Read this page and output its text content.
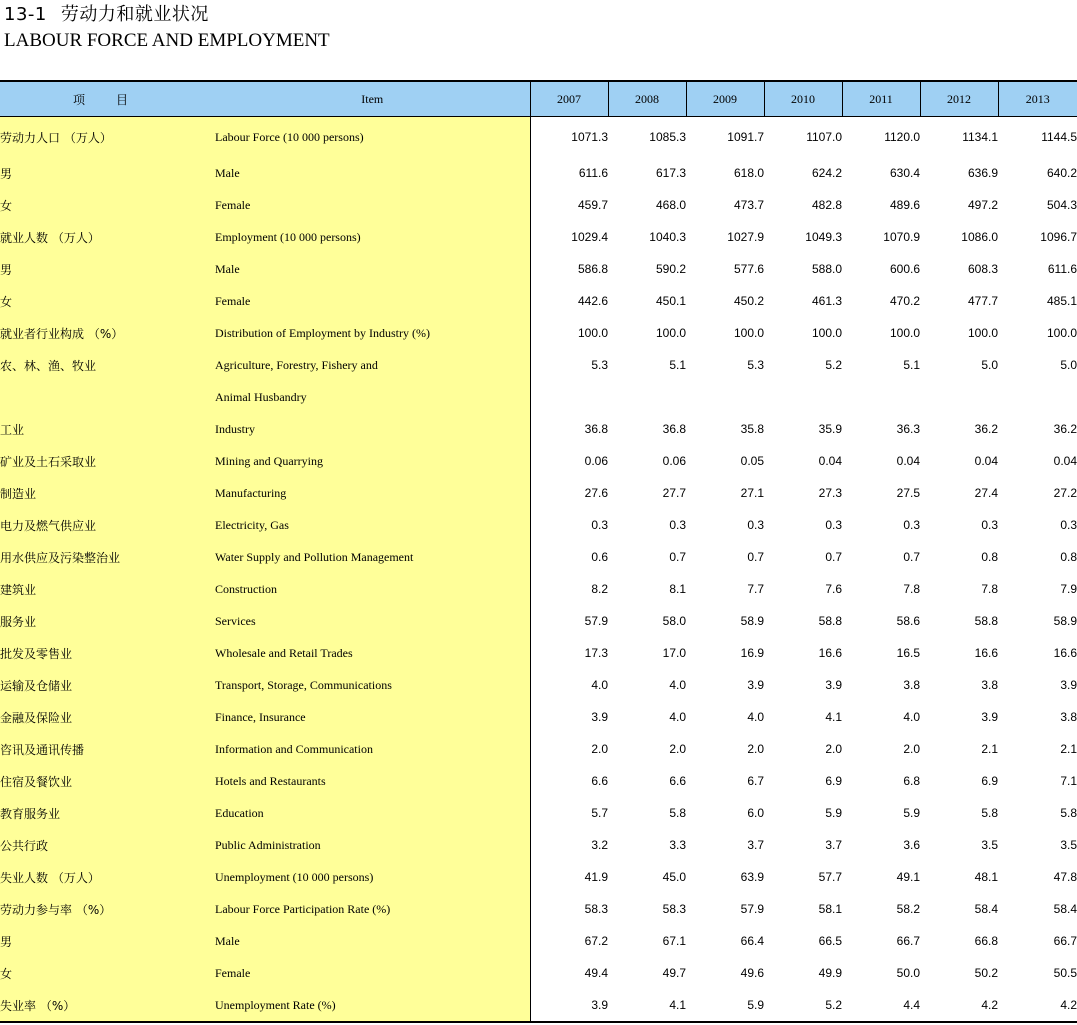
13-1 劳动力和就业状况
LABOUR FORCE AND EMPLOYMENT
项 目	Item	2007	2008	2009	2010	2011	2012	2013
劳动力人口 （万人）	Labour Force (10 000 persons)	1071.3	1085.3	1091.7	1107.0	1120.0	1134.1	1144.5
男	Male	611.6	617.3	618.0	624.2	630.4	636.9	640.2
女	Female	459.7	468.0	473.7	482.8	489.6	497.2	504.3
就业人数 （万人）	Employment (10 000 persons)	1029.4	1040.3	1027.9	1049.3	1070.9	1086.0	1096.7
男	Male	586.8	590.2	577.6	588.0	600.6	608.3	611.6
女	Female	442.6	450.1	450.2	461.3	470.2	477.7	485.1
就业者行业构成 （%）	Distribution of Employment by Industry (%)	100.0	100.0	100.0	100.0	100.0	100.0	100.0
农、林、渔、牧业	Agriculture, Forestry, Fishery and	5.3	5.1	5.3	5.2	5.1	5.0	5.0
	Animal Husbandry							
工业	Industry	36.8	36.8	35.8	35.9	36.3	36.2	36.2
矿业及土石采取业	Mining and Quarrying	0.06	0.06	0.05	0.04	0.04	0.04	0.04
制造业	Manufacturing	27.6	27.7	27.1	27.3	27.5	27.4	27.2
电力及燃气供应业	Electricity, Gas	0.3	0.3	0.3	0.3	0.3	0.3	0.3
用水供应及污染整治业	Water Supply and Pollution Management	0.6	0.7	0.7	0.7	0.7	0.8	0.8
建筑业	Construction	8.2	8.1	7.7	7.6	7.8	7.8	7.9
服务业	Services	57.9	58.0	58.9	58.8	58.6	58.8	58.9
批发及零售业	Wholesale and Retail Trades	17.3	17.0	16.9	16.6	16.5	16.6	16.6
运输及仓储业	Transport, Storage, Communications	4.0	4.0	3.9	3.9	3.8	3.8	3.9
金融及保险业	Finance, Insurance	3.9	4.0	4.0	4.1	4.0	3.9	3.8
咨讯及通讯传播	Information and Communication	2.0	2.0	2.0	2.0	2.0	2.1	2.1
住宿及餐饮业	Hotels and Restaurants	6.6	6.6	6.7	6.9	6.8	6.9	7.1
教育服务业	Education	5.7	5.8	6.0	5.9	5.9	5.8	5.8
公共行政	Public Administration	3.2	3.3	3.7	3.7	3.6	3.5	3.5
失业人数 （万人）	Unemployment (10 000 persons)	41.9	45.0	63.9	57.7	49.1	48.1	47.8
劳动力参与率 （%）	Labour Force Participation Rate (%)	58.3	58.3	57.9	58.1	58.2	58.4	58.4
男	Male	67.2	67.1	66.4	66.5	66.7	66.8	66.7
女	Female	49.4	49.7	49.6	49.9	50.0	50.2	50.5
失业率 （%）	Unemployment Rate (%)	3.9	4.1	5.9	5.2	4.4	4.2	4.2
